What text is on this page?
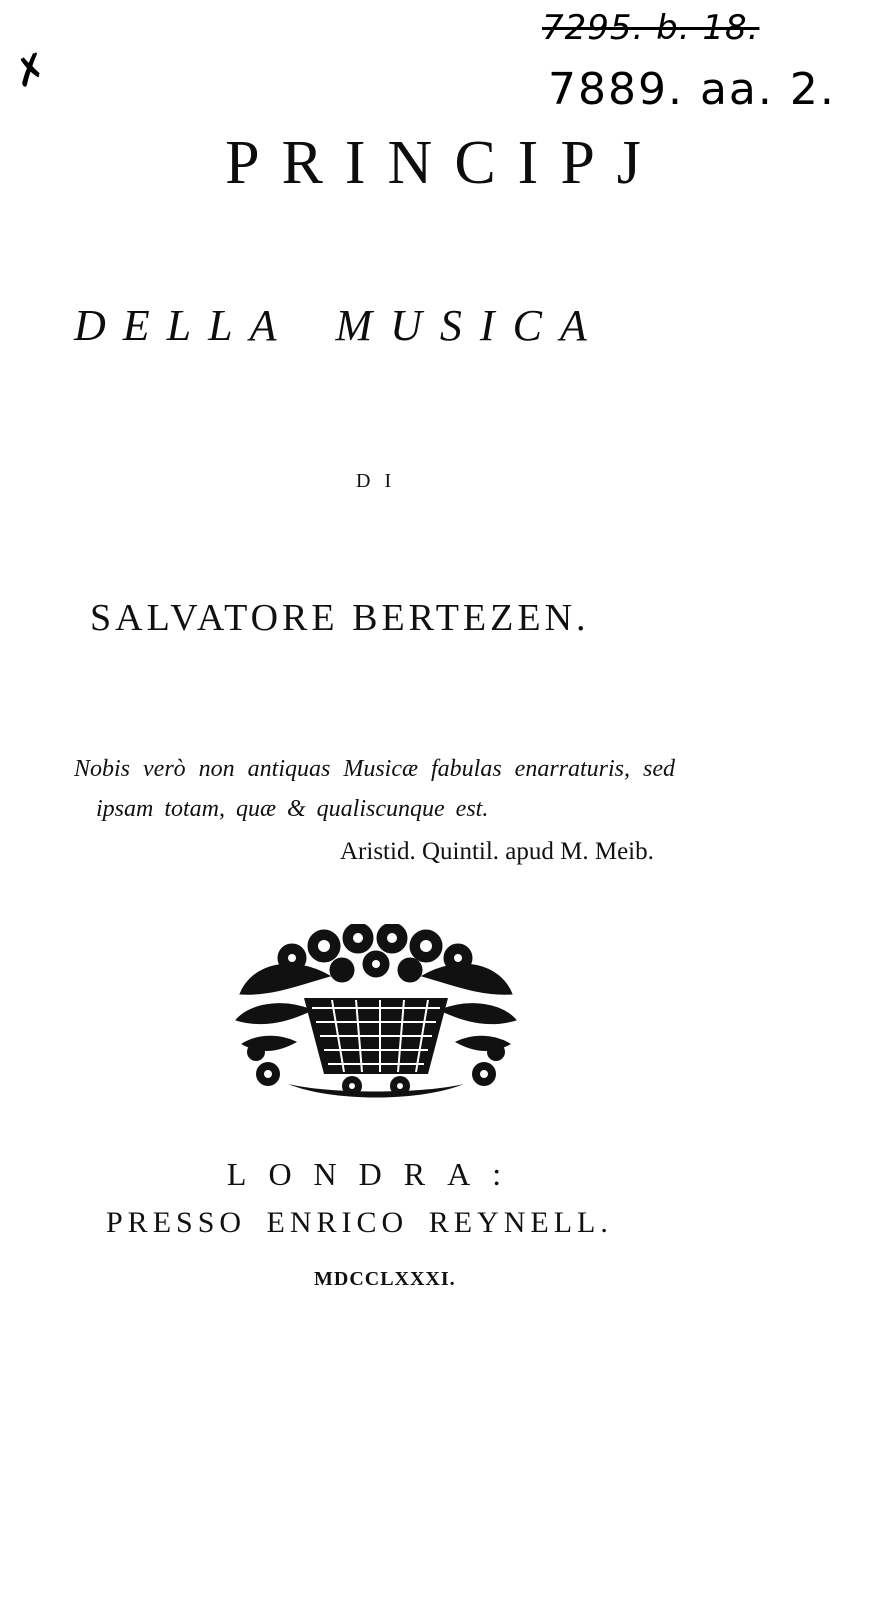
✗
7295. b. 18.
7889. aa. 2.
PRINCIPJ
DELLA MUSICA
DI
SALVATORE BERTEZEN.
Nobis verò non antiquas Musicæ fabulas enarraturis, sed
ipsam totam, quæ & qualiscunque est.
Aristid. Quintil. apud M. Meib.
LONDRA:
PRESSO ENRICO REYNELL.
MDCCLXXXI.
